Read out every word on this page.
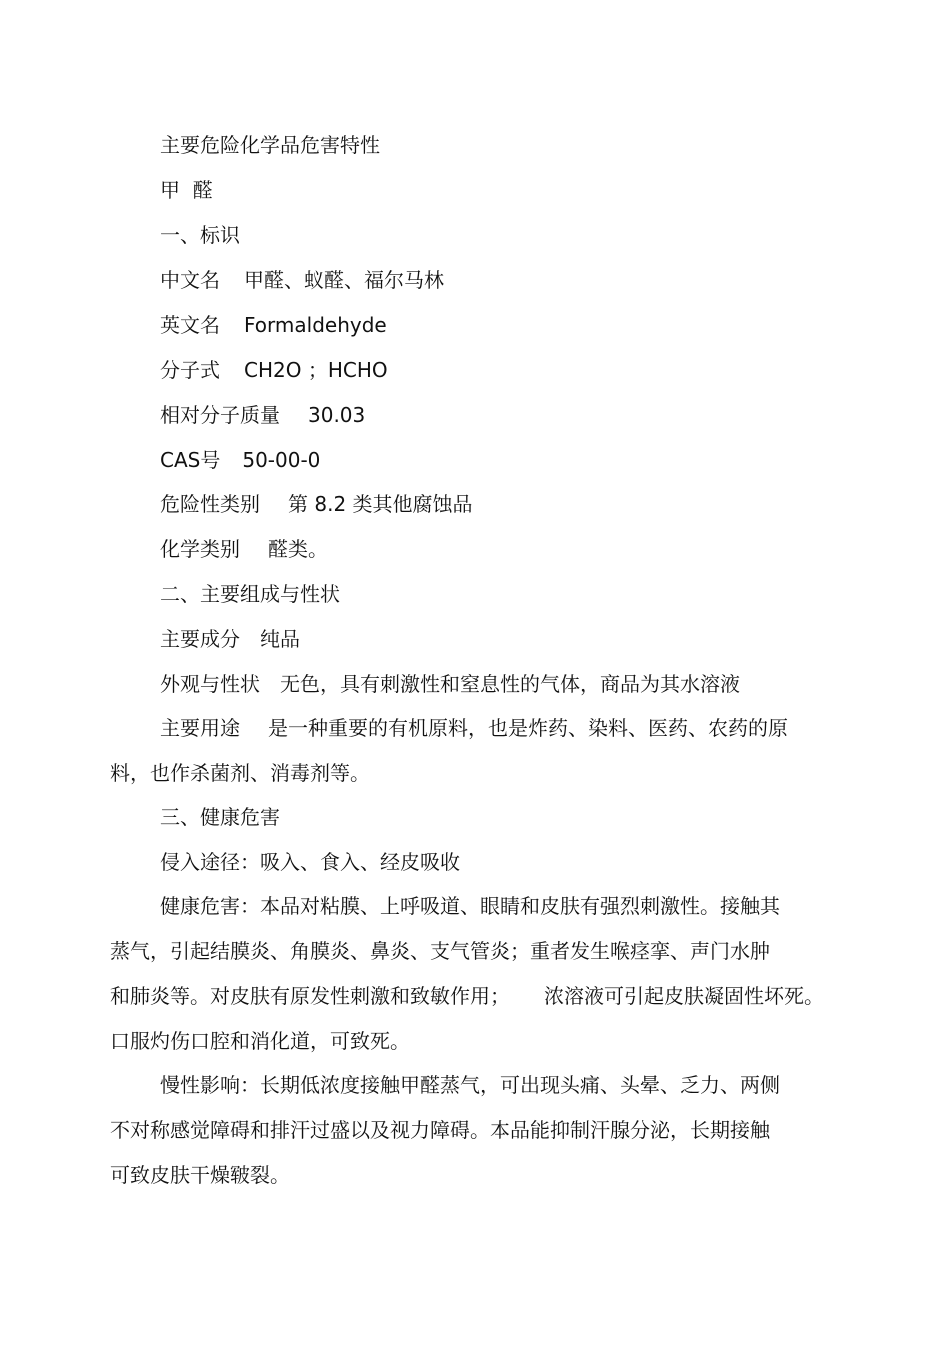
主要危险化学品危害特性
甲  醛
一、标识
中文名 甲醛、蚁醛、福尔马林
英文名 Formaldehyde
分子式 CH2O ；HCHO
相对分子质量 30.03
CAS号 50-00-0
危险性类别 第 8.2 类其他腐蚀品
化学类别 醛类。
二、主要组成与性状
主要成分 纯品
外观与性状 无色，具有刺激性和窒息性的气体，商品为其水溶液
主要用途 是一种重要的有机原料，也是炸药、染料、医药、农药的原
料，也作杀菌剂、消毒剂等。
三、健康危害
侵入途径：吸入、食入、经皮吸收
健康危害：本品对粘膜、上呼吸道、眼睛和皮肤有强烈刺激性。接触其
蒸气，引起结膜炎、角膜炎、鼻炎、支气管炎；重者发生喉痉挛、声门水肿
和肺炎等。对皮肤有原发性刺激和致敏作用； 浓溶液可引起皮肤凝固性坏死。
口服灼伤口腔和消化道，可致死。
慢性影响：长期低浓度接触甲醛蒸气，可出现头痛、头晕、乏力、两侧
不对称感觉障碍和排汗过盛以及视力障碍。本品能抑制汗腺分泌，长期接触
可致皮肤干燥皲裂。
